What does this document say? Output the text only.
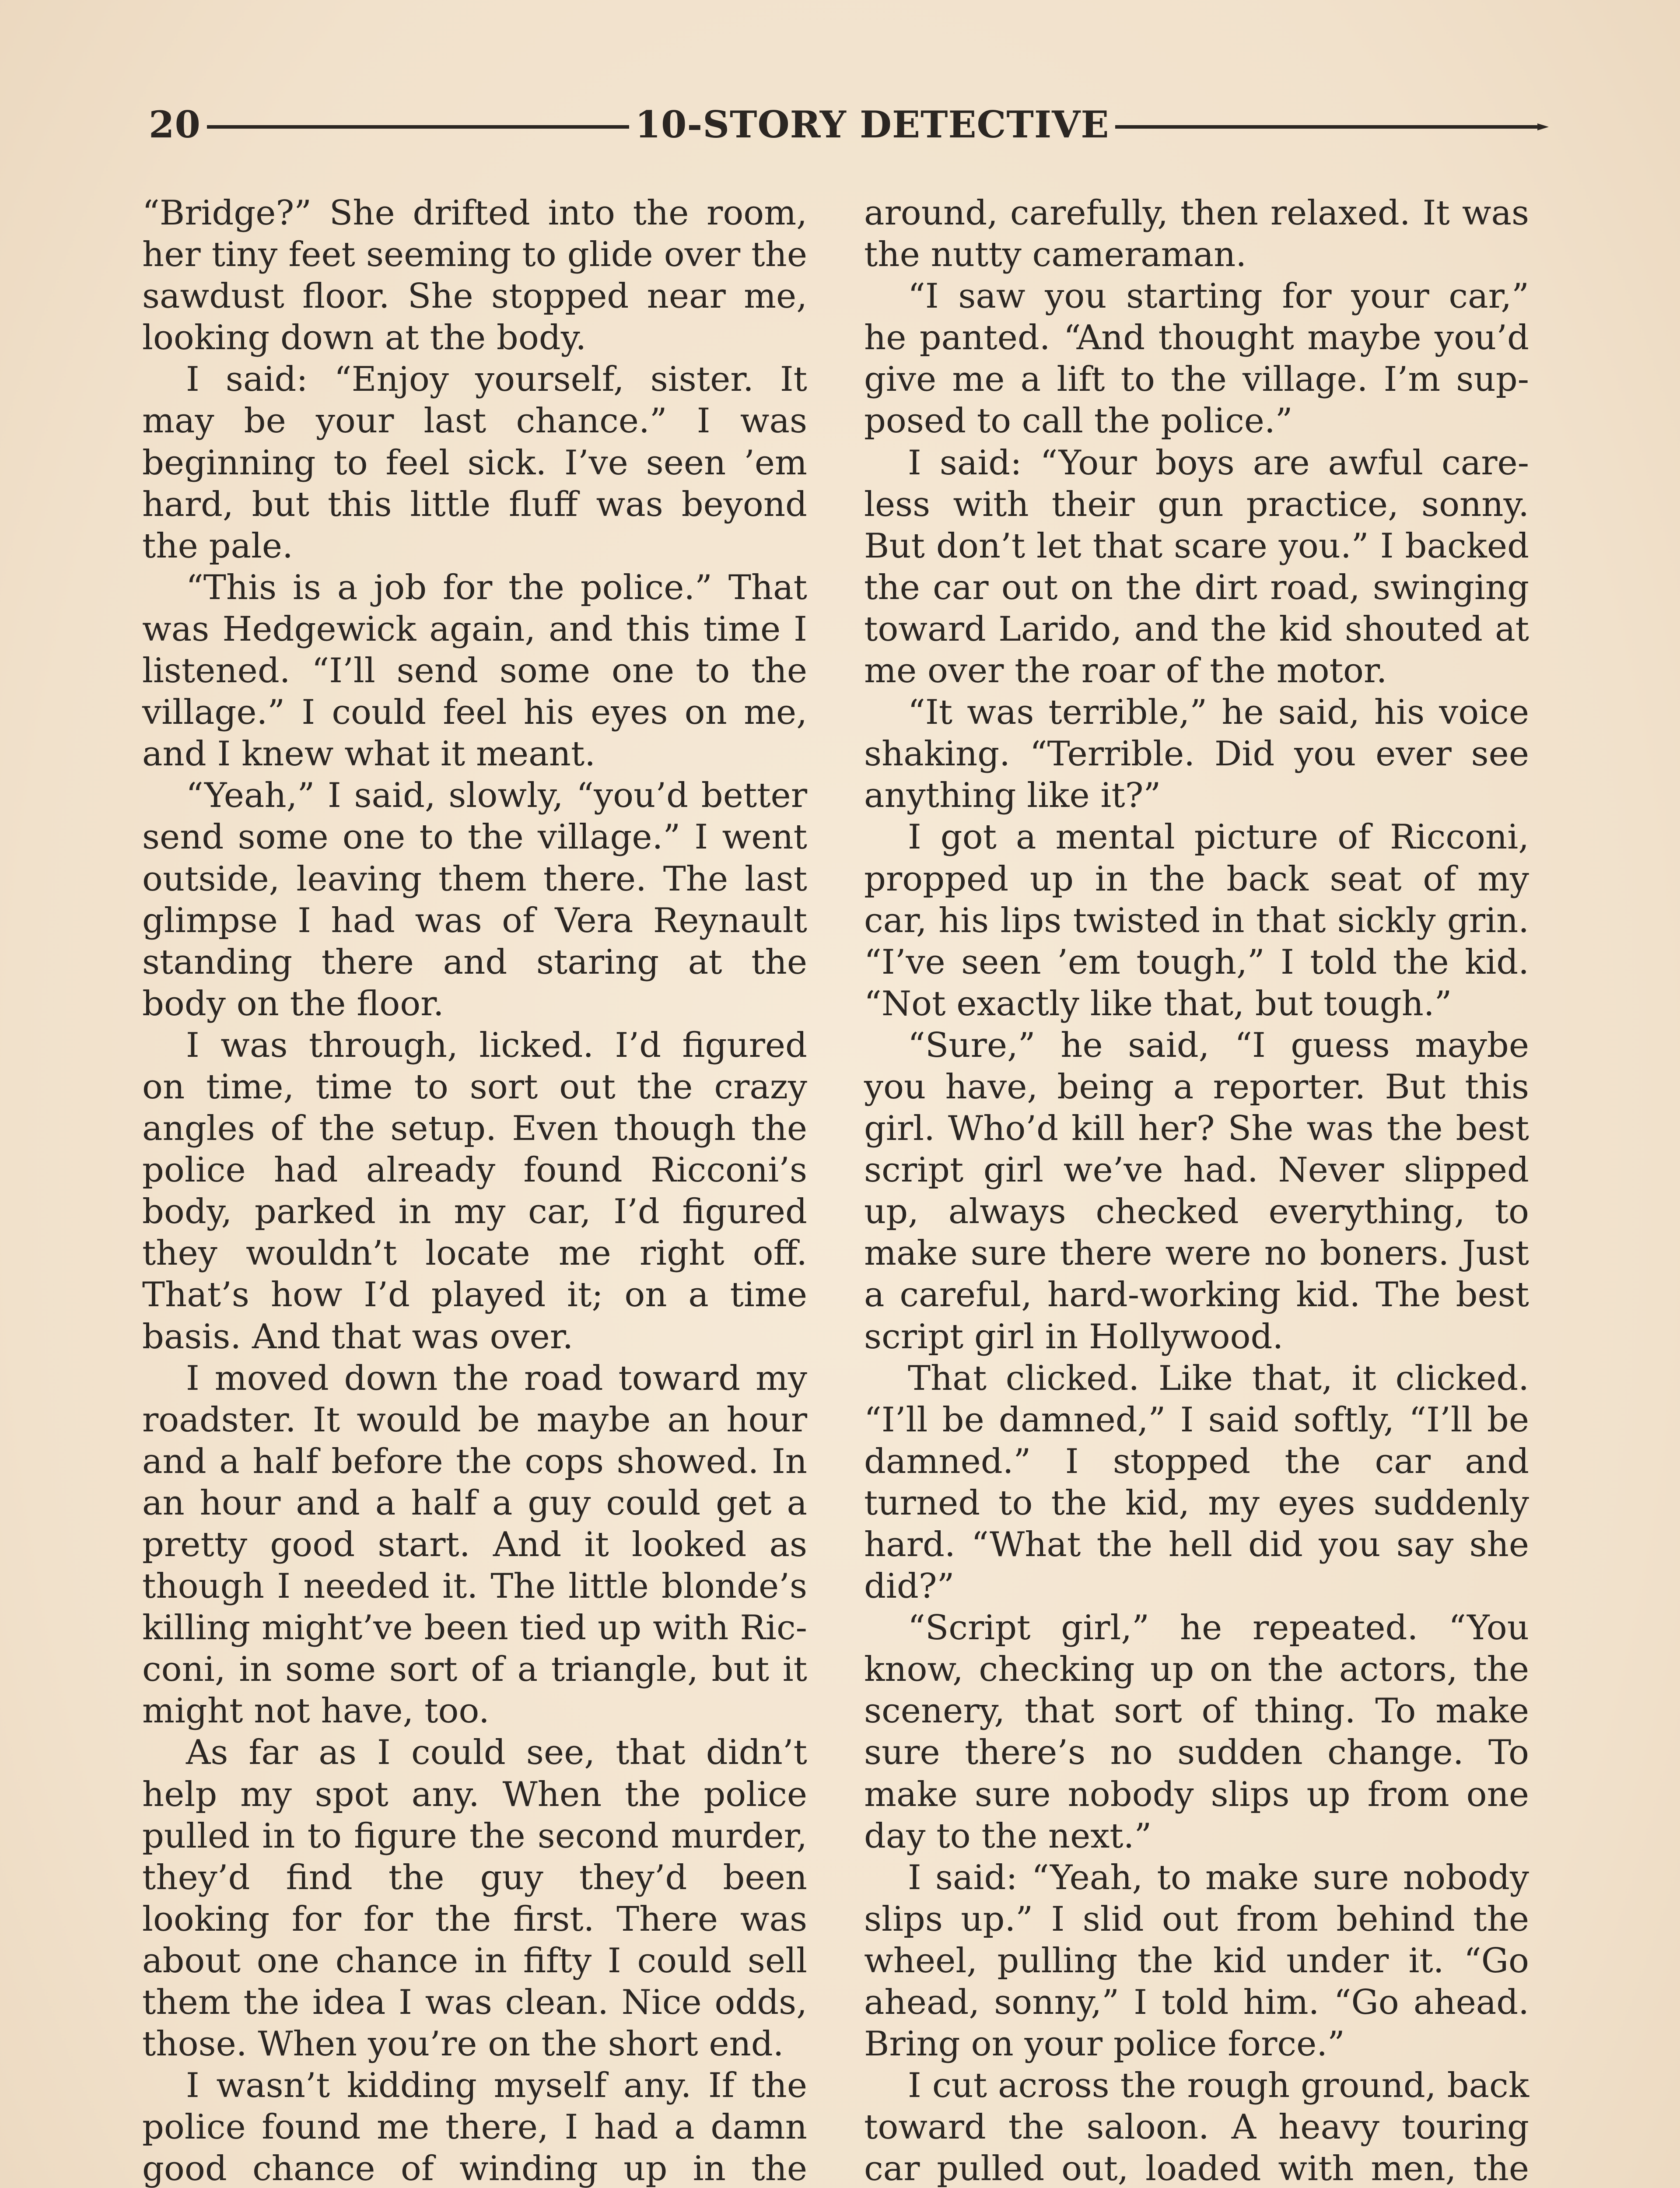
20	10-STORY DETECTIVE

“Bridge?” She drifted into the room, her tiny feet seeming to glide over the sawdust floor. She stopped near me, looking down at the body.

I said: “Enjoy yourself, sister. It may be your last chance.” I was beginning to feel sick. I’ve seen ’em hard, but this little fluff was beyond the pale.

“This is a job for the police.” That was Hedgewick again, and this time I listened. “I’ll send some one to the village.” I could feel his eyes on me, and I knew what it meant.

“Yeah,” I said, slowly, “you’d better send some one to the village.” I went outside, leaving them there. The last glimpse I had was of Vera Reynault standing there and staring at the body on the floor.

I was through, licked. I’d figured on time, time to sort out the crazy angles of the setup. Even though the police had already found Ricconi’s body, parked in my car, I’d figured they wouldn’t locate me right off. That’s how I’d played it; on a time basis. And that was over.

I moved down the road toward my roadster. It would be maybe an hour and a half before the cops showed. In an hour and a half a guy could get a pretty good start. And it looked as though I needed it. The little blonde’s killing might’ve been tied up with Ricconi, in some sort of a triangle, but it might not have, too.

As far as I could see, that didn’t help my spot any. When the police pulled in to figure the second murder, they’d find the guy they’d been looking for for the first. There was about one chance in fifty I could sell them the idea I was clean. Nice odds, those. When you’re on the short end.

I wasn’t kidding myself any. If the police found me there, I had a damn good chance of winding up in the

around, carefully, then relaxed. It was the nutty cameraman.

“I saw you starting for your car,” he panted. “And thought maybe you’d give me a lift to the village. I’m supposed to call the police.”

I said: “Your boys are awful careless with their gun practice, sonny. But don’t let that scare you.” I backed the car out on the dirt road, swinging toward Larido, and the kid shouted at me over the roar of the motor.

“It was terrible,” he said, his voice shaking. “Terrible. Did you ever see anything like it?”

I got a mental picture of Ricconi, propped up in the back seat of my car, his lips twisted in that sickly grin. “I’ve seen ’em tough,” I told the kid. “Not exactly like that, but tough.”

“Sure,” he said, “I guess maybe you have, being a reporter. But this girl. Who’d kill her? She was the best script girl we’ve had. Never slipped up, always checked everything, to make sure there were no boners. Just a careful, hard-working kid. The best script girl in Hollywood.

That clicked. Like that, it clicked. “I’ll be damned,” I said softly, “I’ll be damned.” I stopped the car and turned to the kid, my eyes suddenly hard. “What the hell did you say she did?”

“Script girl,” he repeated. “You know, checking up on the actors, the scenery, that sort of thing. To make sure there’s no sudden change. To make sure nobody slips up from one day to the next.”

I said: “Yeah, to make sure nobody slips up.” I slid out from behind the wheel, pulling the kid under it. “Go ahead, sonny,” I told him. “Go ahead. Bring on your police force.”

I cut across the rough ground, back toward the saloon. A heavy touring car pulled out, loaded with men, the
